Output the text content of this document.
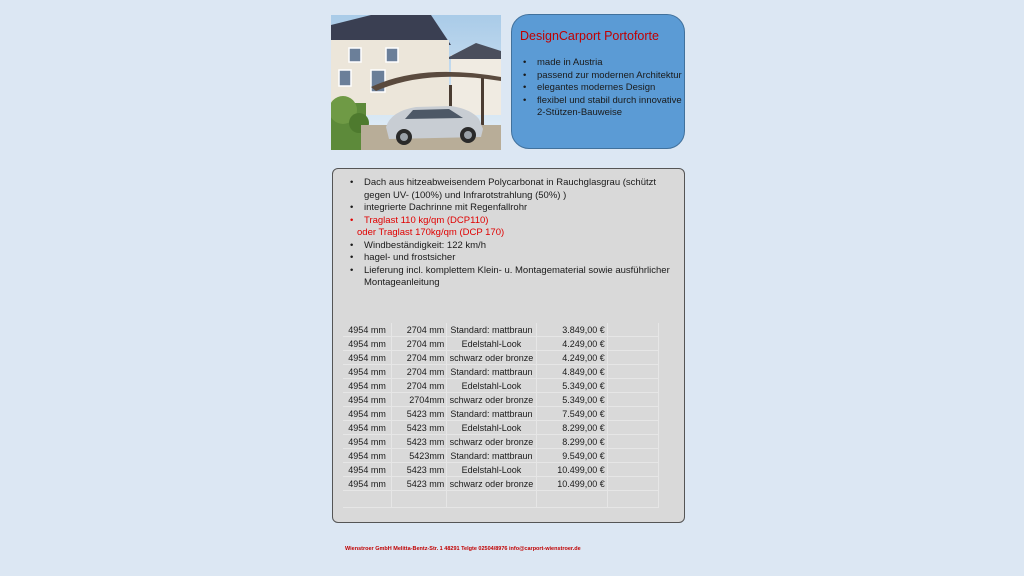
DesignCarport Portoforte
• made in Austria
• passend zur modernen Architektur
• elegantes modernes Design
• flexibel und stabil durch innovative 2-Stützen-Bauweise
• Dach aus hitzeabweisendem Polycarbonat in Rauchglasgrau (schützt gegen UV- (100%) und Infrarotstrahlung (50%) )
• integrierte Dachrinne mit Regenfallrohr
• Traglast 110 kg/qm (DCP110)
oder Traglast 170kg/qm (DCP 170)
• Windbeständigkeit: 122 km/h
• hagel- und frostsicher
• Lieferung incl. komplettem Klein- u. Montagematerial sowie ausführlicher Montageanleitung
4954 mm	2704 mm	Standard: mattbraun	3.849,00 €	
4954 mm	2704 mm	Edelstahl-Look	4.249,00 €	
4954 mm	2704 mm	schwarz oder bronze	4.249,00 €	
4954 mm	2704 mm	Standard: mattbraun	4.849,00 €	
4954 mm	2704 mm	Edelstahl-Look	5.349,00 €	
4954 mm	2704mm	schwarz oder bronze	5.349,00 €	
4954 mm	5423 mm	Standard: mattbraun	7.549,00 €	
4954 mm	5423 mm	Edelstahl-Look	8.299,00 €	
4954 mm	5423 mm	schwarz oder bronze	8.299,00 €	
4954 mm	5423mm	Standard: mattbraun	9.549,00 €	
4954 mm	5423 mm	Edelstahl-Look	10.499,00 €	
4954 mm	5423 mm	schwarz oder bronze	10.499,00 €	

Wienstroer GmbH Melitta-Bentz-Str. 1 48291 Telgte 02504/8976 info@carport-wienstroer.de
